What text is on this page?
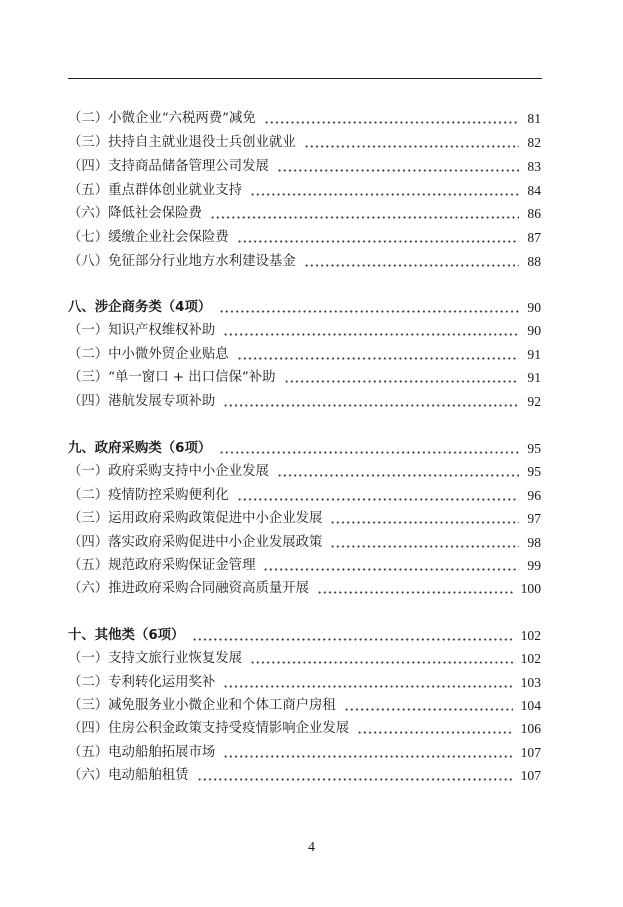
（二）小微企业“六税两费”减免	81
（三）扶持自主就业退役士兵创业就业	82
（四）支持商品储备管理公司发展	83
（五）重点群体创业就业支持	84
（六）降低社会保险费	86
（七）缓缴企业社会保险费	87
（八）免征部分行业地方水利建设基金	88
八、涉企商务类（4项）	90
（一）知识产权维权补助	90
（二）中小微外贸企业贴息	91
（三）“单一窗口 + 出口信保”补助	91
（四）港航发展专项补助	92
九、政府采购类（6项）	95
（一）政府采购支持中小企业发展	95
（二）疫情防控采购便利化	96
（三）运用政府采购政策促进中小企业发展	97
（四）落实政府采购促进中小企业发展政策	98
（五）规范政府采购保证金管理	99
（六）推进政府采购合同融资高质量开展	100
十、其他类（6项）	102
（一）支持文旅行业恢复发展	102
（二）专利转化运用奖补	103
（三）减免服务业小微企业和个体工商户房租	104
（四）住房公积金政策支持受疫情影响企业发展	106
（五）电动船舶拓展市场	107
（六）电动船舶租赁	107
4
